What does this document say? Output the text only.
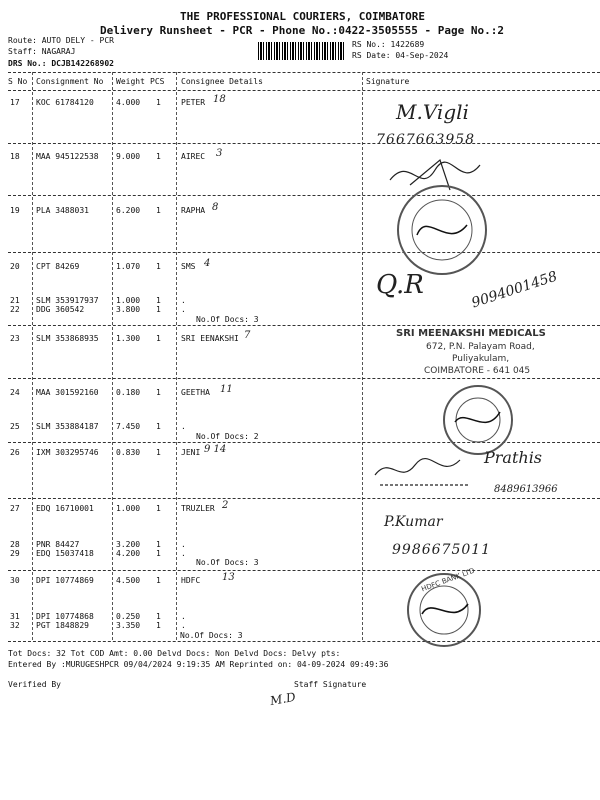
THE PROFESSIONAL COURIERS, COIMBATORE
Delivery Runsheet - PCR - Phone No.:0422-3505555 - Page No.:2
Route: AUTO DELY - PCR
Staff: NAGARAJ
DRS No.: DCJB142268902
RS No.: 1422689
RS Date: 04-Sep-2024
S No Consignment No Weight PCS Consignee Details	Signature
17 KOC 61784120	4.000 1	PETER
18 MAA 945122538 9.000 1	AIREC
19 PLA 3488031	6.200 1	RAPHA
20 CPT 84269	1.070 1	SMS
21 SLM 353917937 1.000 1	.
22 DDG 360542	3.800 1	.
No.Of Docs: 3
23 SLM 353868935 1.300 1	SRI EENAKSHI
24 MAA 301592160 0.180 1	GEETHA
25 SLM 353884187 7.450 1	.
No.Of Docs: 2
26 IXM 303295746 0.830 1	JENI
27 EDQ 16710001	1.000 1	TRUZLER
28 PNR 84427	3.200 1	.
29 EDQ 15037418	4.200 1	.
No.Of Docs: 3
30 DPI 10774869	4.500 1	HDFC
31 DPI 10774868	0.250 1	.
32 PGT 1848829	3.350 1	.
No.Of Docs: 3
18
3
8
4
7
11
9 14
2
13
M.Vigli
7667663958
Q.R	9094001458
SRI MEENAKSHI MEDICALS
672, P.N. Palayam Road,
Puliyakulam,
COIMBATORE - 641 045
Prathis
8489613966
P.Kumar
9986675011
HDFC BANK LTD
Tot Docs: 32 Tot COD Amt: 0.00 Delvd Docs: Non Delvd Docs: Delvy pts:
Entered By :MURUGESHPCR 09/04/2024 9:19:35 AM Reprinted on: 04-09-2024 09:49:36
Verified By	Staff Signature
M.D
